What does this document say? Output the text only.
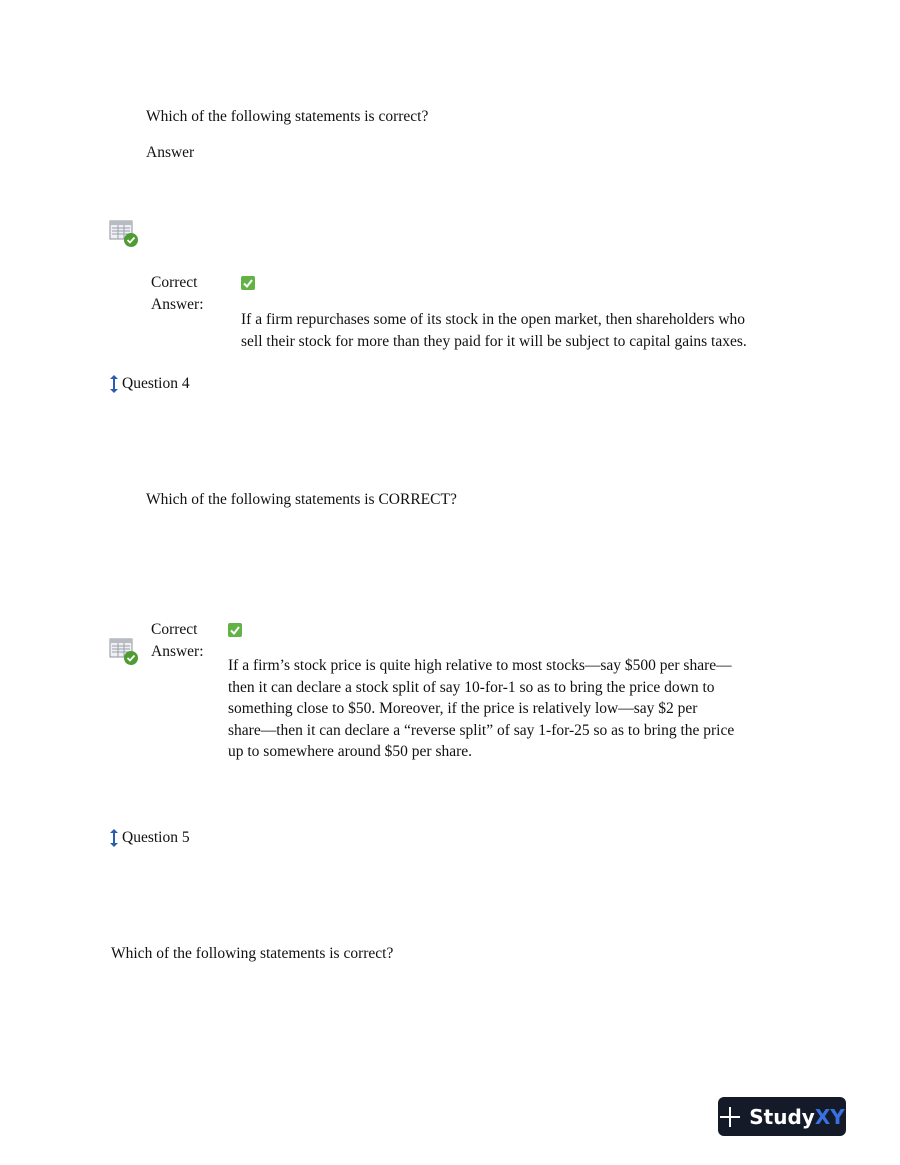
Which of the following statements is correct?
Answer
Correct
Answer:
If a firm repurchases some of its stock in the open market, then shareholders who
sell their stock for more than they paid for it will be subject to capital gains taxes.
Question 4
Which of the following statements is CORRECT?
Correct
Answer:
If a firm’s stock price is quite high relative to most stocks—say $500 per share—
then it can declare a stock split of say 10-for-1 so as to bring the price down to
something close to $50. Moreover, if the price is relatively low—say $2 per
share—then it can declare a “reverse split” of say 1-for-25 so as to bring the price
up to somewhere around $50 per share.
Question 5
Which of the following statements is correct?
StudyXY
